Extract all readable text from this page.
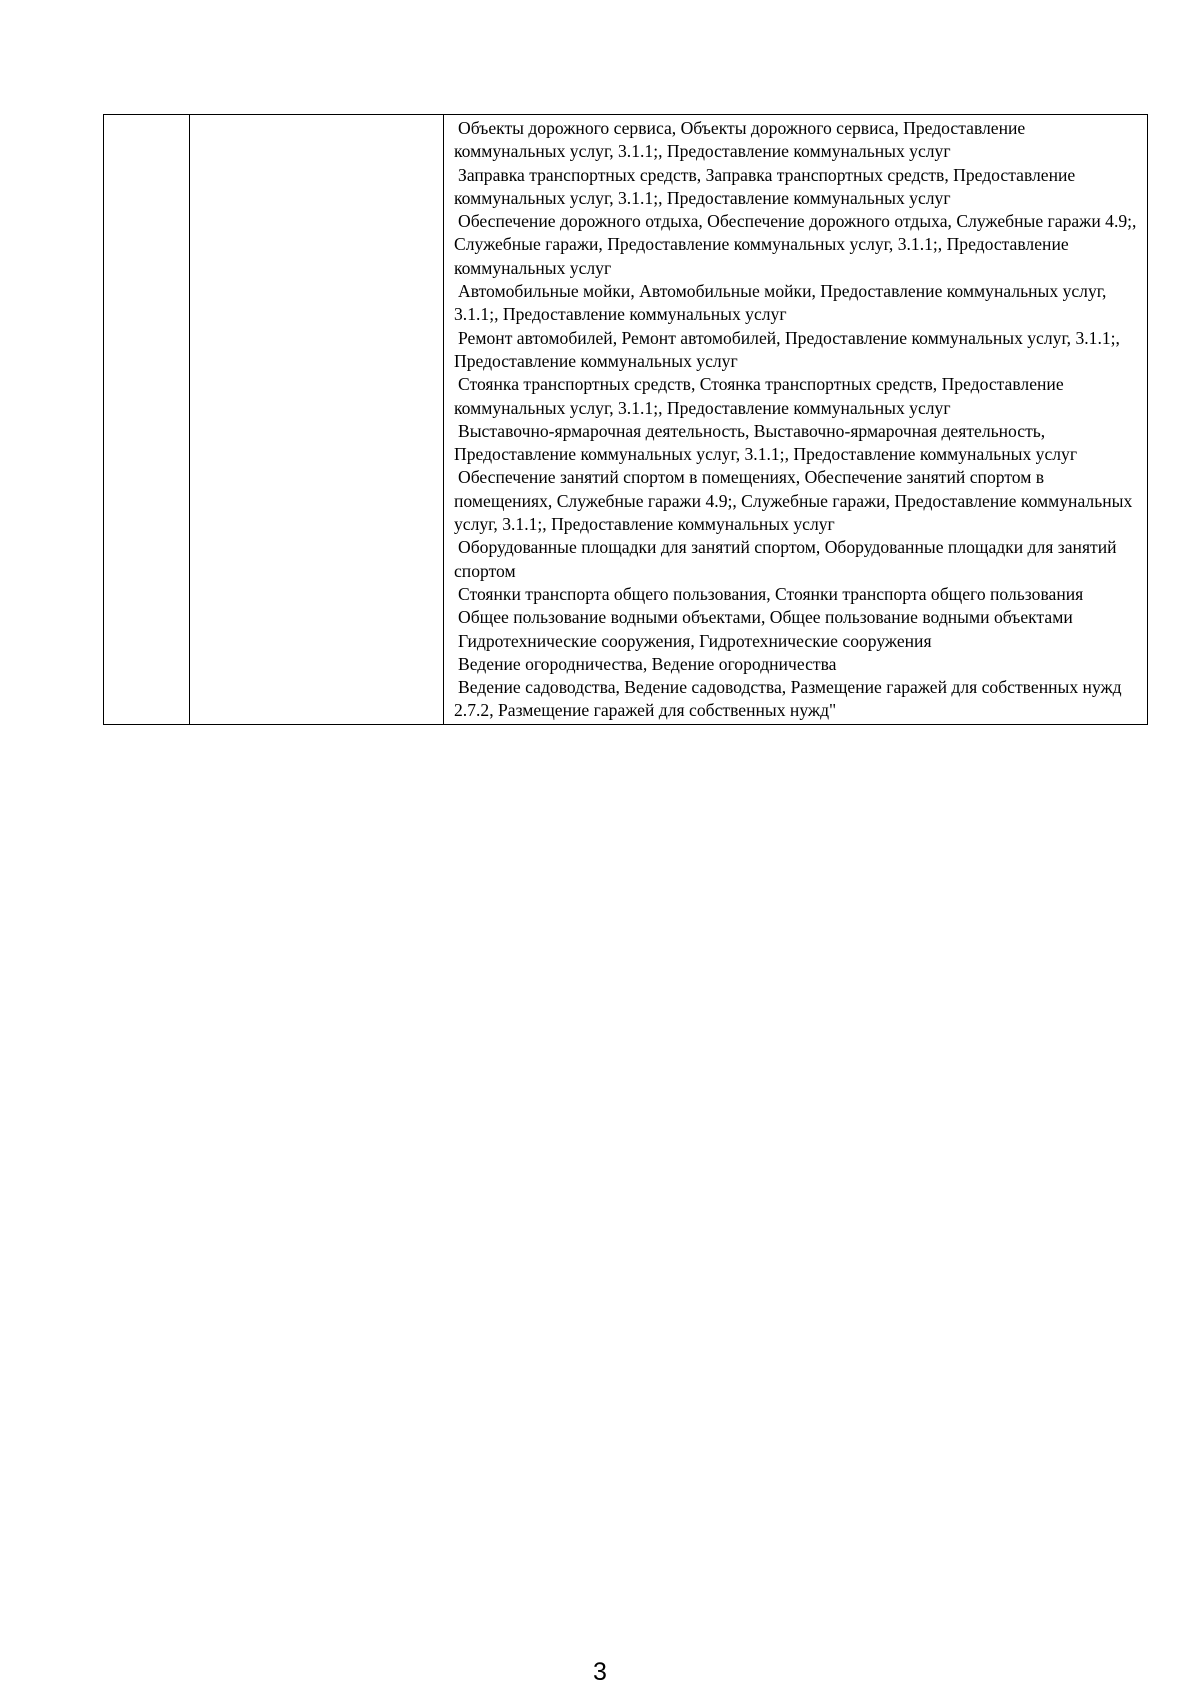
Объекты дорожного сервиса, Объекты дорожного сервиса, Предоставление коммунальных услуг, 3.1.1;, Предоставление коммунальных услуг
Заправка транспортных средств, Заправка транспортных средств, Предоставление коммунальных услуг, 3.1.1;, Предоставление коммунальных услуг
Обеспечение дорожного отдыха, Обеспечение дорожного отдыха, Служебные гаражи 4.9;, Служебные гаражи, Предоставление коммунальных услуг, 3.1.1;, Предоставление коммунальных услуг
Автомобильные мойки, Автомобильные мойки, Предоставление коммунальных услуг, 3.1.1;, Предоставление коммунальных услуг
Ремонт автомобилей, Ремонт автомобилей, Предоставление коммунальных услуг, 3.1.1;, Предоставление коммунальных услуг
Стоянка транспортных средств, Стоянка транспортных средств, Предоставление коммунальных услуг, 3.1.1;, Предоставление коммунальных услуг
Выставочно-ярмарочная деятельность, Выставочно-ярмарочная деятельность, Предоставление коммунальных услуг, 3.1.1;, Предоставление коммунальных услуг
Обеспечение занятий спортом в помещениях, Обеспечение занятий спортом в помещениях, Служебные гаражи 4.9;, Служебные гаражи, Предоставление коммунальных услуг, 3.1.1;, Предоставление коммунальных услуг
Оборудованные площадки для занятий спортом, Оборудованные площадки для занятий спортом
Стоянки транспорта общего пользования, Стоянки транспорта общего пользования
Общее пользование водными объектами, Общее пользование водными объектами
Гидротехнические сооружения, Гидротехнические сооружения
Ведение огородничества, Ведение огородничества
Ведение садоводства, Ведение садоводства, Размещение гаражей для собственных нужд 2.7.2, Размещение гаражей для собственных нужд"
3
